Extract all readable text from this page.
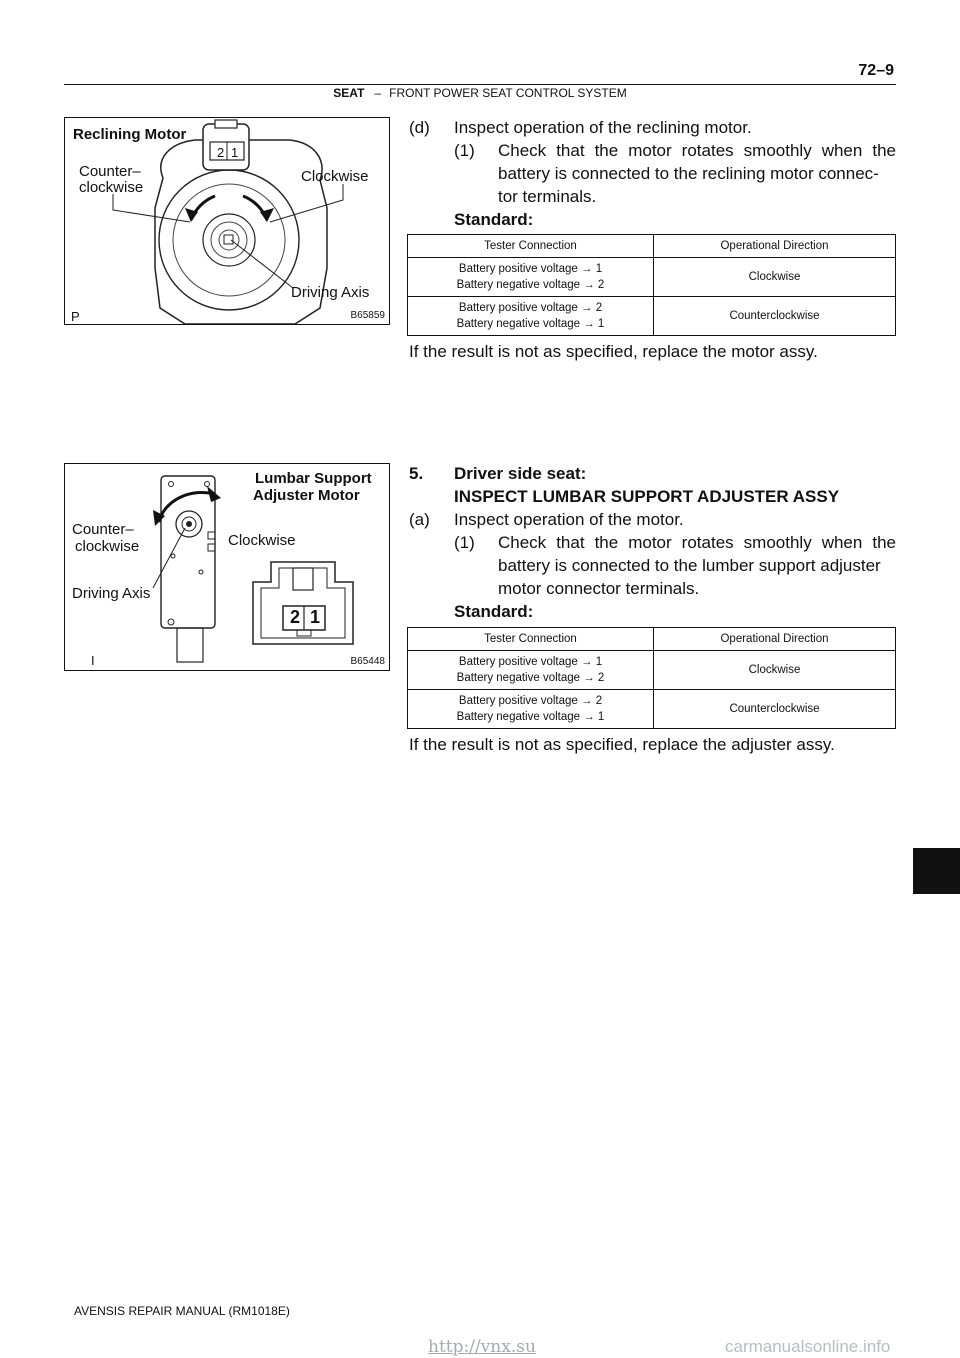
72–9
SEAT – FRONT POWER SEAT CONTROL SYSTEM
Reclining Motor
2 1
Counter–
clockwise
Clockwise
Driving Axis
P	B65859
Lumbar Support
Adjuster Motor
Counter–
clockwise	Clockwise
Driving Axis
2 1
I	B65448
(d) Inspect operation of the reclining motor.
(1) Check that the motor rotates smoothly when the
battery is connected to the reclining motor connec-
tor terminals.
Standard:
Tester Connection	Operational Direction

Battery positive voltage → 1
Battery negative voltage → 2	Clockwise

Battery positive voltage → 2
Battery negative voltage → 1	Counterclockwise
If the result is not as specified, replace the motor assy.
5. Driver side seat:
INSPECT LUMBAR SUPPORT ADJUSTER ASSY
(a) Inspect operation of the motor.
(1) Check that the motor rotates smoothly when the
battery is connected to the lumber support adjuster
motor connector terminals.
Standard:
Tester Connection	Operational Direction

Battery positive voltage → 1
Battery negative voltage → 2	Clockwise

Battery positive voltage → 2
Battery negative voltage → 1	Counterclockwise
If the result is not as specified, replace the adjuster assy.
AVENSIS REPAIR MANUAL (RM1018E)
http://vnx.su	carmanualsonline.info
